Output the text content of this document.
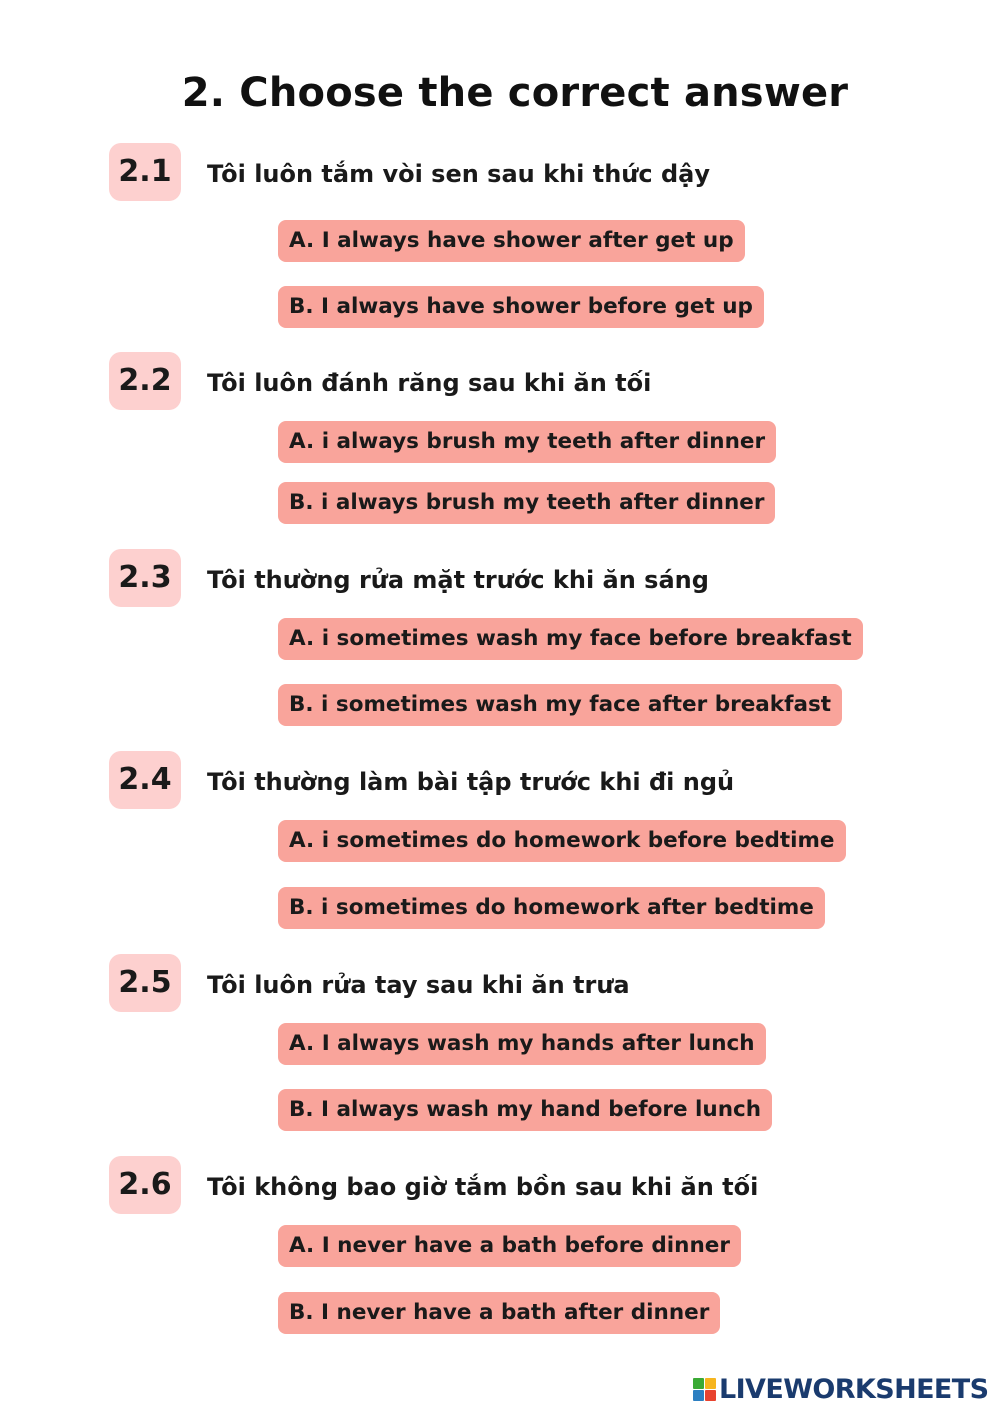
2. Choose the correct answer
2.1	Tôi luôn tắm vòi sen sau khi thức dậy
A. I always have shower after get up
B. I always have shower before get up
2.2	Tôi luôn đánh răng sau khi ăn tối
A. i always brush my teeth after dinner
B. i always brush my teeth after dinner
2.3	Tôi thường rửa mặt trước khi ăn sáng
A. i sometimes wash my face before breakfast
B. i sometimes wash my face after breakfast
2.4	Tôi thường làm bài tập trước khi đi ngủ
A. i sometimes do homework before bedtime
B. i sometimes do homework after bedtime
2.5	Tôi luôn rửa tay sau khi ăn trưa
A. I always wash my hands after lunch
B. I always wash my hand before lunch
2.6	Tôi không bao giờ tắm bồn sau khi ăn tối
A. I never have a bath before dinner
B. I never have a bath after dinner
LIVEWORKSHEETS
